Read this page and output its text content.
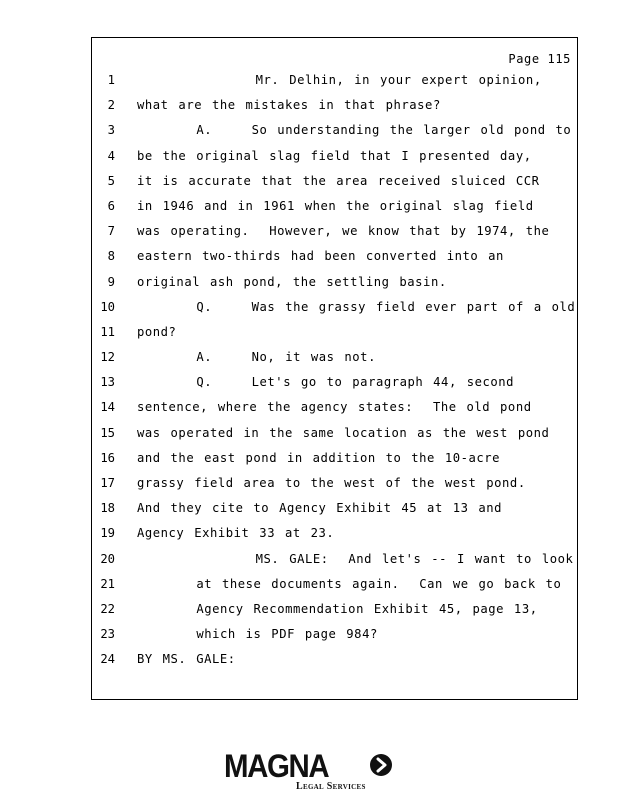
Page 115
1 Mr. Delhin, in your expert opinion,
2 what are the mistakes in that phrase?
3 A.    So understanding the larger old pond to
4 be the original slag field that I presented day,
5 it is accurate that the area received sluiced CCR
6 in 1946 and in 1961 when the original slag field
7 was operating.  However, we know that by 1974, the
8 eastern two-thirds had been converted into an
9 original ash pond, the settling basin.
10 Q.    Was the grassy field ever part of a old
11 pond?
12 A.    No, it was not.
13 Q.    Let's go to paragraph 44, second
14 sentence, where the agency states:  The old pond
15 was operated in the same location as the west pond
16 and the east pond in addition to the 10-acre
17 grassy field area to the west of the west pond.
18 And they cite to Agency Exhibit 45 at 13 and
19 Agency Exhibit 33 at 23.
20 MS. GALE:  And let's -- I want to look
21 at these documents again.  Can we go back to
22 Agency Recommendation Exhibit 45, page 13,
23 which is PDF page 984?
24 BY MS. GALE:
MAGNA
Legal Services
